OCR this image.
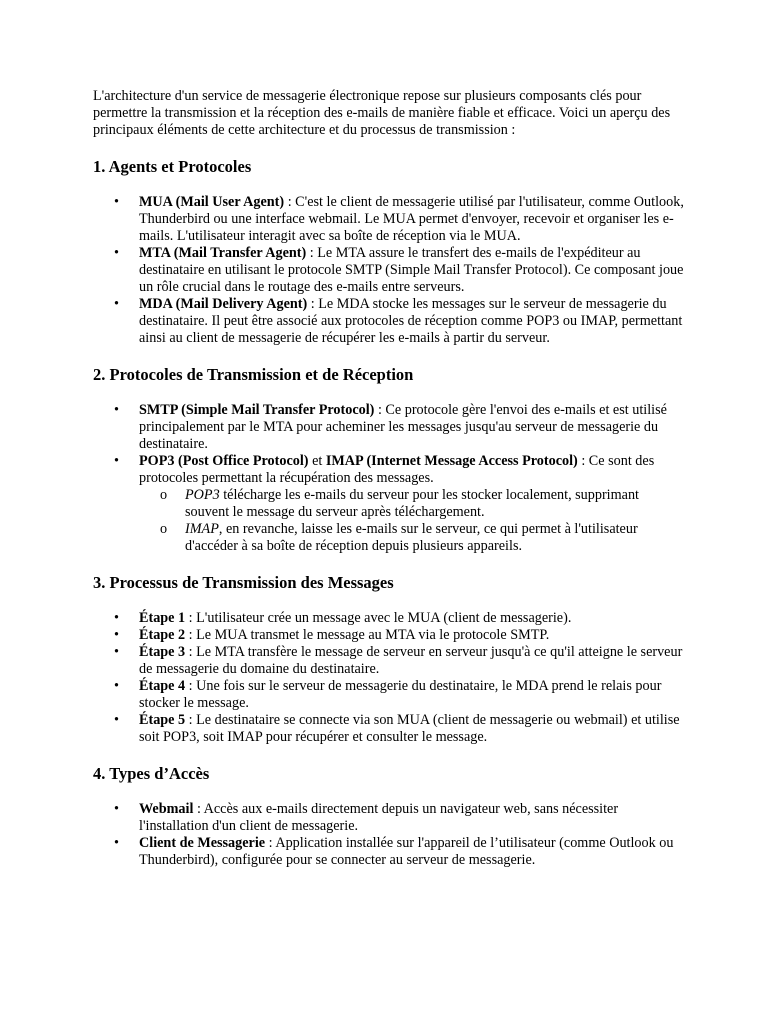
L'architecture d'un service de messagerie électronique repose sur plusieurs composants clés pour permettre la transmission et la réception des e-mails de manière fiable et efficace. Voici un aperçu des principaux éléments de cette architecture et du processus de transmission :

1. Agents et Protocoles
• MUA (Mail User Agent) : C'est le client de messagerie utilisé par l'utilisateur, comme Outlook, Thunderbird ou une interface webmail. Le MUA permet d'envoyer, recevoir et organiser les e-mails. L'utilisateur interagit avec sa boîte de réception via le MUA.
• MTA (Mail Transfer Agent) : Le MTA assure le transfert des e-mails de l'expéditeur au destinataire en utilisant le protocole SMTP (Simple Mail Transfer Protocol). Ce composant joue un rôle crucial dans le routage des e-mails entre serveurs.
• MDA (Mail Delivery Agent) : Le MDA stocke les messages sur le serveur de messagerie du destinataire. Il peut être associé aux protocoles de réception comme POP3 ou IMAP, permettant ainsi au client de messagerie de récupérer les e-mails à partir du serveur.
2. Protocoles de Transmission et de Réception
• SMTP (Simple Mail Transfer Protocol) : Ce protocole gère l'envoi des e-mails et est utilisé principalement par le MTA pour acheminer les messages jusqu'au serveur de messagerie du destinataire.
• POP3 (Post Office Protocol) et IMAP (Internet Message Access Protocol) : Ce sont des protocoles permettant la récupération des messages.
o POP3 télécharge les e-mails du serveur pour les stocker localement, supprimant souvent le message du serveur après téléchargement.
o IMAP, en revanche, laisse les e-mails sur le serveur, ce qui permet à l'utilisateur d'accéder à sa boîte de réception depuis plusieurs appareils.
3. Processus de Transmission des Messages
• Étape 1 : L'utilisateur crée un message avec le MUA (client de messagerie).
• Étape 2 : Le MUA transmet le message au MTA via le protocole SMTP.
• Étape 3 : Le MTA transfère le message de serveur en serveur jusqu'à ce qu'il atteigne le serveur de messagerie du domaine du destinataire.
• Étape 4 : Une fois sur le serveur de messagerie du destinataire, le MDA prend le relais pour stocker le message.
• Étape 5 : Le destinataire se connecte via son MUA (client de messagerie ou webmail) et utilise soit POP3, soit IMAP pour récupérer et consulter le message.
4. Types d’Accès
• Webmail : Accès aux e-mails directement depuis un navigateur web, sans nécessiter l'installation d'un client de messagerie.
• Client de Messagerie : Application installée sur l'appareil de l’utilisateur (comme Outlook ou Thunderbird), configurée pour se connecter au serveur de messagerie.
